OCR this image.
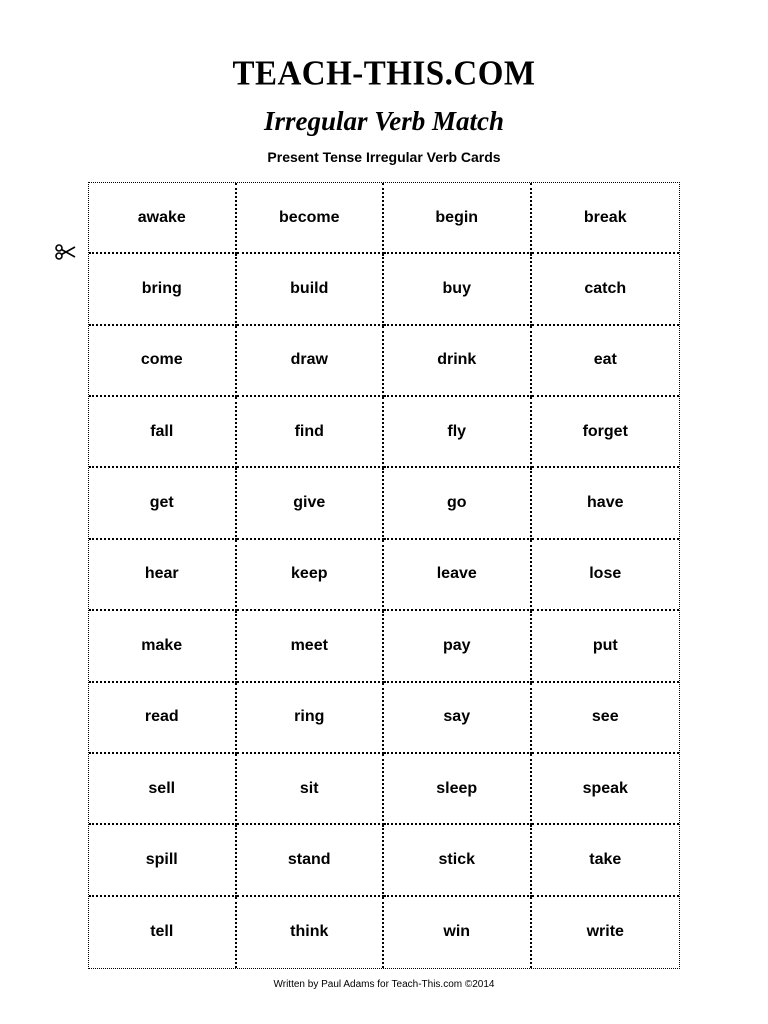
TEACH-THIS.COM
Irregular Verb Match
Present Tense Irregular Verb Cards
awake	become	begin	break
bring	build	buy	catch
come	draw	drink	eat
fall	find	fly	forget
get	give	go	have
hear	keep	leave	lose
make	meet	pay	put
read	ring	say	see
sell	sit	sleep	speak
spill	stand	stick	take
tell	think	win	write
Written by Paul Adams for Teach-This.com ©2014
